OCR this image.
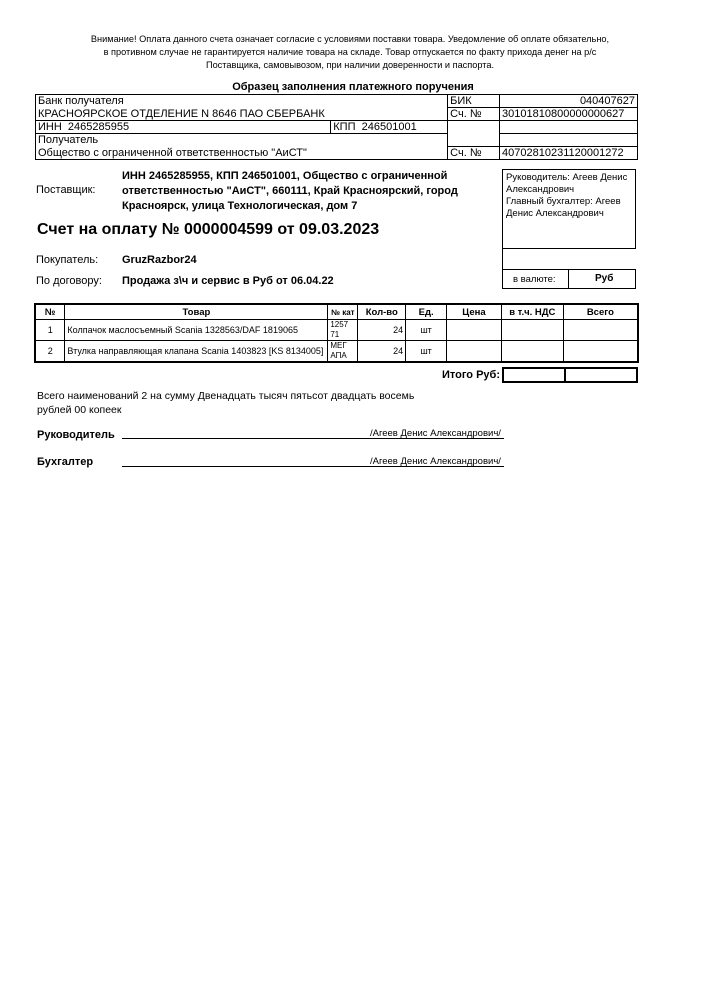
Внимание! Оплата данного счета означает согласие с условиями поставки товара. Уведомление об оплате обязательно, в противном случае не гарантируется наличие товара на складе. Товар отпускается по факту прихода денег на р/с Поставщика, самовывозом, при наличии доверенности и паспорта.
Образец заполнения платежного поручения
Банк получателя		БИК	040407627
КРАСНОЯРСКОЕ ОТДЕЛЕНИЕ N 8646 ПАО СБЕРБАНК		Сч. №	30101810800000000627
ИНН 2465285955	КПП 246501001		
Получатель			
Общество с ограниченной ответственностью "АиСТ"		Сч. №	40702810231120001272
Поставщик:
ИНН 2465285955, КПП 246501001, Общество с ограниченной ответственностью "АиСТ", 660111, Край Красноярский, город Красноярск, улица Технологическая, дом 7
Руководитель: Агеев Денис Александрович
Главный бухгалтер: Агеев Денис Александрович
Счет на оплату № 0000004599 от 09.03.2023
в валюте:	Руб
Покупатель: GruzRazbor24
По договору: Продажа з\ч и сервис в Руб от 06.04.22
№	Товар	№ кат	Кол-во	Ед.	Цена	в т.ч. НДС	Всего
1	Колпачок маслосъемный Scania 1328563/DAF 1819065	1257 71	24	шт			
2	Втулка направляющая клапана Scania 1403823 [KS 8134005]	МЕГ АПА	24	шт			
Итого Руб:
Всего наименований 2 на сумму Двенадцать тысяч пятьсот двадцать восемь рублей 00 копеек
Руководитель	/Агеев Денис Александрович/
Бухгалтер	/Агеев Денис Александрович/
